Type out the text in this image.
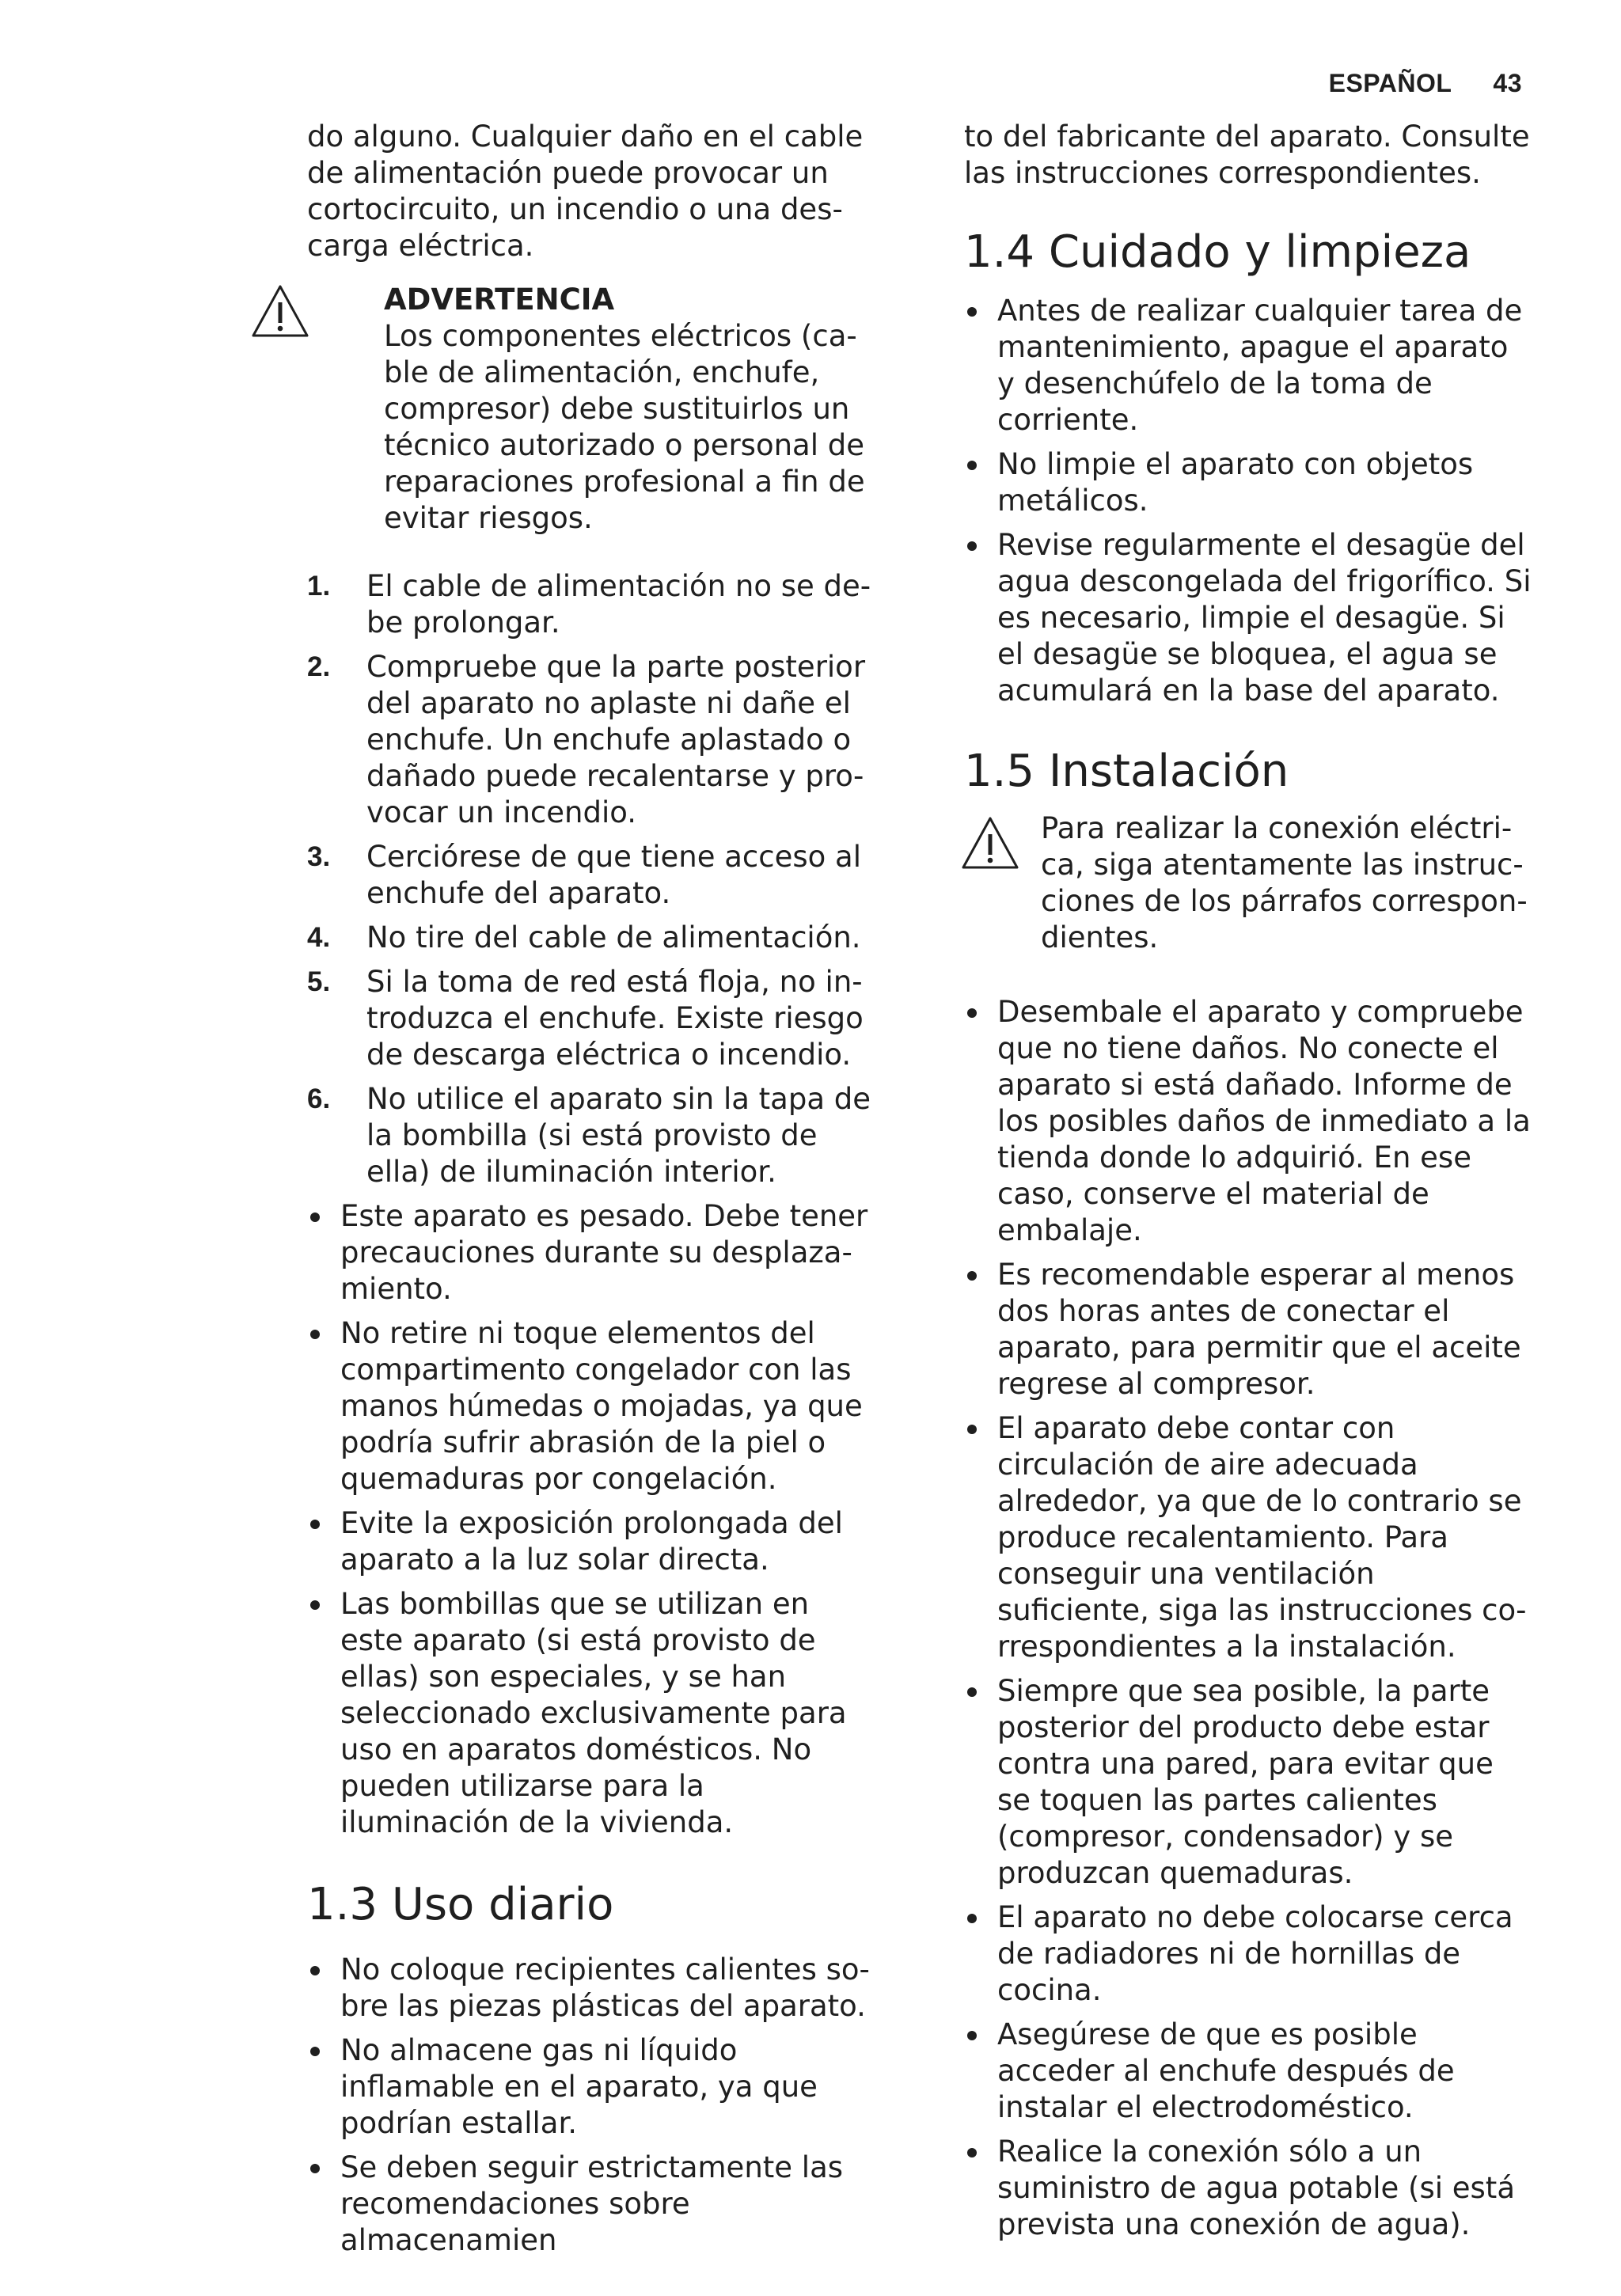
ESPAÑOL 43

do alguno. Cualquier daño en el cable de alimentación puede provocar un cortocircuito, un incendio o una descarga eléctrica.

ADVERTENCIA
Los componentes eléctricos (cable de alimentación, enchufe, compresor) debe sustituirlos un técnico autorizado o personal de reparaciones profesional a fin de evitar riesgos.
1. El cable de alimentación no se debe prolongar.
2. Compruebe que la parte posterior del aparato no aplaste ni dañe el enchufe. Un enchufe aplastado o dañado puede recalentarse y provocar un incendio.
3. Cerciórese de que tiene acceso al enchufe del aparato.
4. No tire del cable de alimentación.
5. Si la toma de red está floja, no introduzca el enchufe. Existe riesgo de descarga eléctrica o incendio.
6. No utilice el aparato sin la tapa de la bombilla (si está provisto de ella) de iluminación interior.
Este aparato es pesado. Debe tener precauciones durante su desplazamiento.
No retire ni toque elementos del compartimento congelador con las manos húmedas o mojadas, ya que podría sufrir abrasión de la piel o quemaduras por congelación.
Evite la exposición prolongada del aparato a la luz solar directa.
Las bombillas que se utilizan en este aparato (si está provisto de ellas) son especiales, y se han seleccionado exclusivamente para uso en aparatos domésticos. No pueden utilizarse para la iluminación de la vivienda.
1.3 Uso diario
No coloque recipientes calientes sobre las piezas plásticas del aparato.
No almacene gas ni líquido inflamable en el aparato, ya que podrían estallar.
Se deben seguir estrictamente las recomendaciones sobre almacenamien

to del fabricante del aparato. Consulte las instrucciones correspondientes.

1.4 Cuidado y limpieza
Antes de realizar cualquier tarea de mantenimiento, apague el aparato y desenchúfelo de la toma de corriente.
No limpie el aparato con objetos metálicos.
Revise regularmente el desagüe del agua descongelada del frigorífico. Si es necesario, limpie el desagüe. Si el desagüe se bloquea, el agua se acumulará en la base del aparato.
1.5 Instalación
Para realizar la conexión eléctrica, siga atentamente las instrucciones de los párrafos correspondientes.
Desembale el aparato y compruebe que no tiene daños. No conecte el aparato si está dañado. Informe de los posibles daños de inmediato a la tienda donde lo adquirió. En ese caso, conserve el material de embalaje.
Es recomendable esperar al menos dos horas antes de conectar el aparato, para permitir que el aceite regrese al compresor.
El aparato debe contar con circulación de aire adecuada alrededor, ya que de lo contrario se produce recalentamiento. Para conseguir una ventilación suficiente, siga las instrucciones correspondientes a la instalación.
Siempre que sea posible, la parte posterior del producto debe estar contra una pared, para evitar que se toquen las partes calientes (compresor, condensador) y se produzcan quemaduras.
El aparato no debe colocarse cerca de radiadores ni de hornillas de cocina.
Asegúrese de que es posible acceder al enchufe después de instalar el electrodoméstico.
Realice la conexión sólo a un suministro de agua potable (si está prevista una conexión de agua).
